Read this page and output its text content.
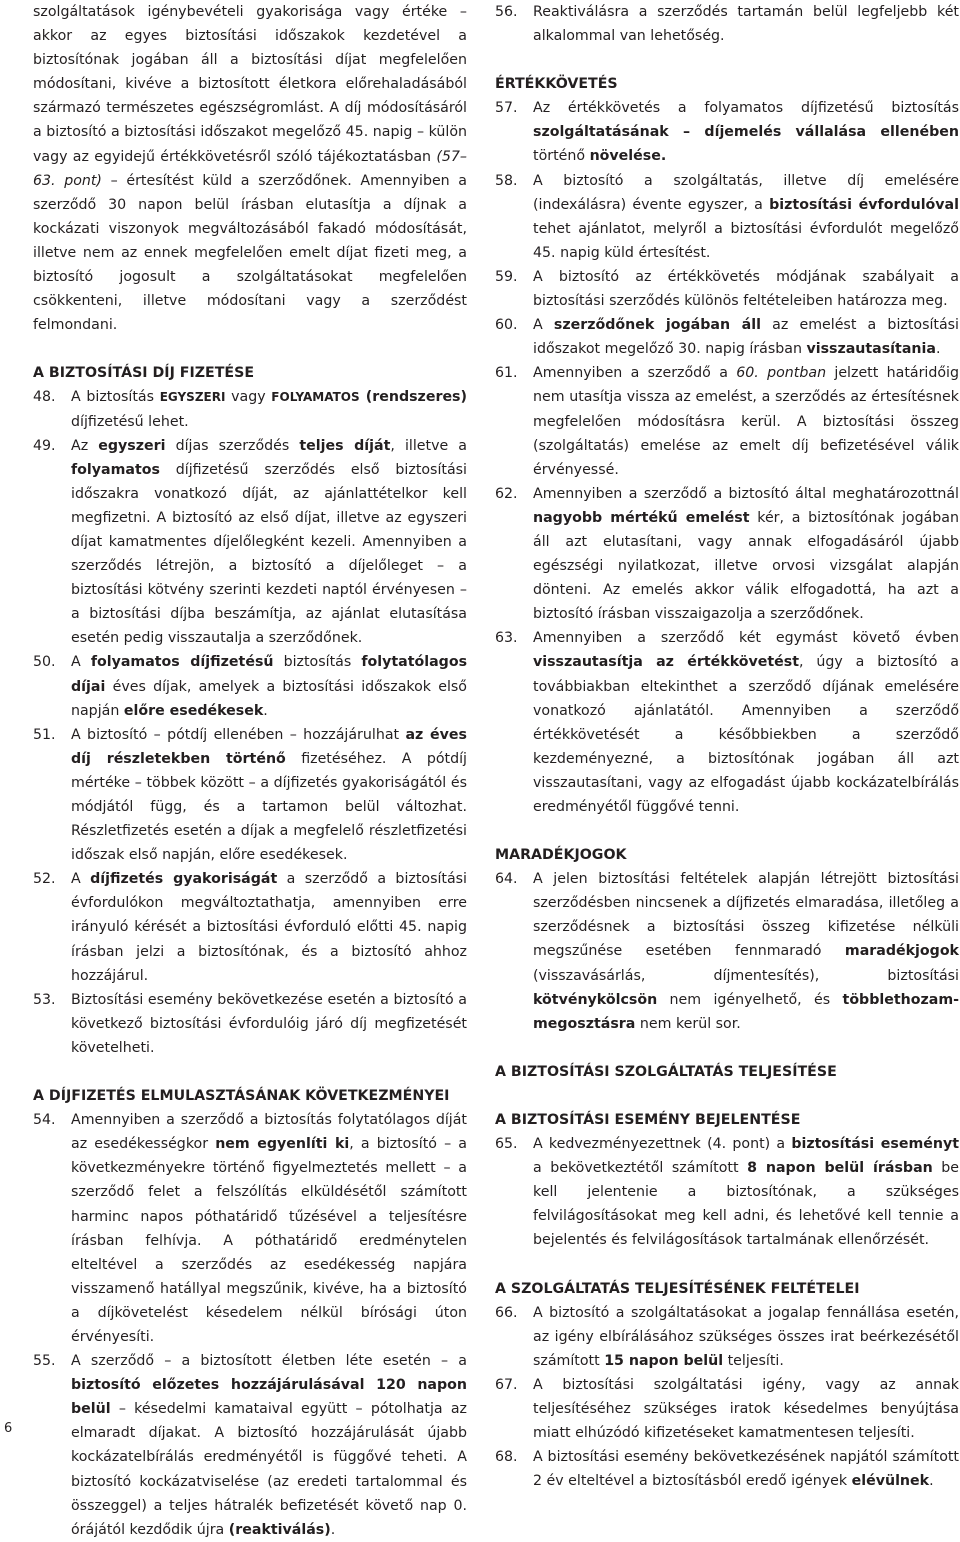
szolgáltatások igénybevételi gyakorisága vagy értéke – akkor az egyes biztosítási időszakok kezdetével a biztosítónak jogában áll a biztosítási díjat megfelelően módosítani, kivéve a biztosított életkora előrehaladásából származó természetes egészségromlást. A díj módosításáról a biztosító a biztosítási időszakot megelőző 45. napig – külön vagy az egyidejű értékkövetésről szóló tájékoztatásban (57–63. pont) – értesítést küld a szerződőnek. Amennyiben a szerződő 30 napon belül írásban elutasítja a díjnak a kockázati viszonyok megváltozásából fakadó módosítását, illetve nem az ennek megfelelően emelt díjat fizeti meg, a biztosító jogosult a szolgáltatásokat megfelelően csökkenteni, illetve módosítani vagy a szerződést felmondani.

A BIZTOSÍTÁSI DÍJ FIZETÉSE
48. A biztosítás EGYSZERI vagy FOLYAMATOS (rendszeres) díjfizetésű lehet.
49. Az egyszeri díjas szerződés teljes díját, illetve a folyamatos díjfizetésű szerződés első biztosítási időszakra vonatkozó díját, az ajánlattételkor kell megfizetni. A biztosító az első díjat, illetve az egyszeri díjat kamatmentes díjelőlegként kezeli. Amennyiben a szerződés létrejön, a biztosító a díjelőleget – a biztosítási kötvény szerinti kezdeti naptól érvényesen – a biztosítási díjba beszámítja, az ajánlat elutasítása esetén pedig visszautalja a szerződőnek.
50. A folyamatos díjfizetésű biztosítás folytatólagos díjai éves díjak, amelyek a biztosítási időszakok első napján előre esedékesek.
51. A biztosító – pótdíj ellenében – hozzájárulhat az éves díj részletekben történő fizetéséhez. A pótdíj mértéke – többek között – a díjfizetés gyakoriságától és módjától függ, és a tartamon belül változhat. Részletfizetés esetén a díjak a megfelelő részletfizetési időszak első napján, előre esedékesek.
52. A díjfizetés gyakoriságát a szerződő a biztosítási évfordulókon megváltoztathatja, amennyiben erre irányuló kérését a biztosítási évforduló előtti 45. napig írásban jelzi a biztosítónak, és a biztosító ahhoz hozzájárul.
53. Biztosítási esemény bekövetkezése esetén a biztosító a következő biztosítási évfordulóig járó díj megfizetését követelheti.
A DÍJFIZETÉS ELMULASZTÁSÁNAK KÖVETKEZMÉNYEI
54. Amennyiben a szerződő a biztosítás folytatólagos díját az esedékességkor nem egyenlíti ki, a biztosító – a következményekre történő figyelmeztetés mellett – a szerződő felet a felszólítás elküldésétől számított harminc napos póthatáridő tűzésével a teljesítésre írásban felhívja. A póthatáridő eredménytelen elteltével a szerződés az esedékesség napjára visszamenő hatállyal megszűnik, kivéve, ha a biztosító a díjkövetelést késedelem nélkül bírósági úton érvényesíti.
55. A szerződő – a biztosított életben léte esetén – a biztosító előzetes hozzájárulásával 120 napon belül – késedelmi kamataival együtt – pótolhatja az elmaradt díjakat. A biztosító hozzájárulását újabb kockázatelbírálás eredményétől is függővé teheti. A biztosító kockázatviselése (az eredeti tartalommal és összeggel) a teljes hátralék befizetését követő nap 0. órájától kezdődik újra (reaktiválás).
56. Reaktiválásra a szerződés tartamán belül legfeljebb két alkalommal van lehetőség.
ÉRTÉKKÖVETÉS
57. Az értékkövetés a folyamatos díjfizetésű biztosítás szolgáltatásának – díjemelés vállalása ellenében történő növelése.
58. A biztosító a szolgáltatás, illetve díj emelésére (indexálásra) évente egyszer, a biztosítási évfordulóval tehet ajánlatot, melyről a biztosítási évfordulót megelőző 45. napig küld értesítést.
59. A biztosító az értékkövetés módjának szabályait a biztosítási szerződés különös feltételeiben határozza meg.
60. A szerződőnek jogában áll az emelést a biztosítási időszakot megelőző 30. napig írásban visszautasítania.
61. Amennyiben a szerződő a 60. pontban jelzett határidőig nem utasítja vissza az emelést, a szerződés az értesítésnek megfelelően módosításra kerül. A biztosítási összeg (szolgáltatás) emelése az emelt díj befizetésével válik érvényessé.
62. Amennyiben a szerződő a biztosító által meghatározottnál nagyobb mértékű emelést kér, a biztosítónak jogában áll azt elutasítani, vagy annak elfogadásáról újabb egészségi nyilatkozat, illetve orvosi vizsgálat alapján dönteni. Az emelés akkor válik elfogadottá, ha azt a biztosító írásban visszaigazolja a szerződőnek.
63. Amennyiben a szerződő két egymást követő évben visszautasítja az értékkövetést, úgy a biztosító a továbbiakban eltekinthet a szerződő díjának emelésére vonatkozó ajánlatától. Amennyiben a szerződő értékkövetését a későbbiekben a szerződő kezdeményezné, a biztosítónak jogában áll azt visszautasítani, vagy az elfogadást újabb kockázatelbírálás eredményétől függővé tenni.
MARADÉKJOGOK
64. A jelen biztosítási feltételek alapján létrejött biztosítási szerződésben nincsenek a díjfizetés elmaradása, illetőleg a szerződésnek a biztosítási összeg kifizetése nélküli megszűnése esetében fennmaradó maradékjogok (visszavásárlás, díjmentesítés), biztosítási kötvénykölcsön nem igényelhető, és többlethozam-megosztásra nem kerül sor.
A BIZTOSÍTÁSI SZOLGÁLTATÁS TELJESÍTÉSE
A BIZTOSÍTÁSI ESEMÉNY BEJELENTÉSE
65. A kedvezményezettnek (4. pont) a biztosítási eseményt a bekövetkeztétől számított 8 napon belül írásban be kell jelentenie a biztosítónak, a szükséges felvilágosításokat meg kell adni, és lehetővé kell tennie a bejelentés és felvilágosítások tartalmának ellenőrzését.
A SZOLGÁLTATÁS TELJESÍTÉSÉNEK FELTÉTELEI
66. A biztosító a szolgáltatásokat a jogalap fennállása esetén, az igény elbírálásához szükséges összes irat beérkezésétől számított 15 napon belül teljesíti.
67. A biztosítási szolgáltatási igény, vagy az annak teljesítéséhez szükséges iratok késedelmes benyújtása miatt elhúzódó kifizetéseket kamatmentesen teljesíti.
68. A biztosítási esemény bekövetkezésének napjától számított 2 év elteltével a biztosításból eredő igények elévülnek.
6
